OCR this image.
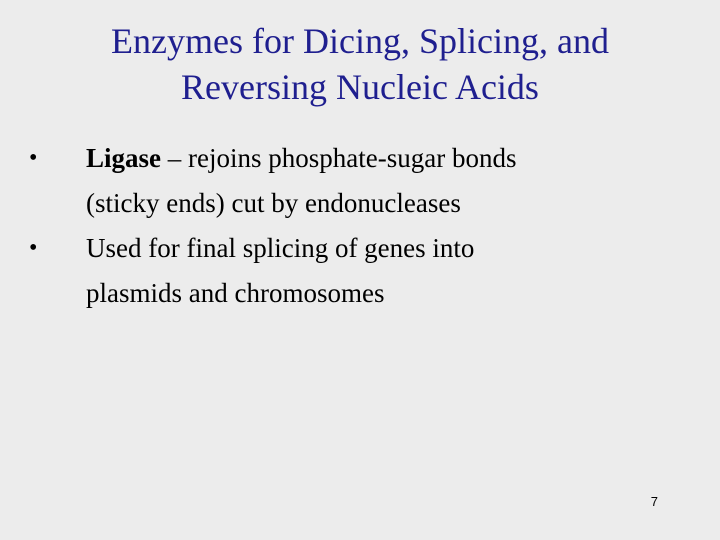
Enzymes for Dicing, Splicing, and
Reversing Nucleic Acids
• Ligase – rejoins phosphate-sugar bonds
(sticky ends) cut by endonucleases
• Used for final splicing of genes into
plasmids and chromosomes
7
